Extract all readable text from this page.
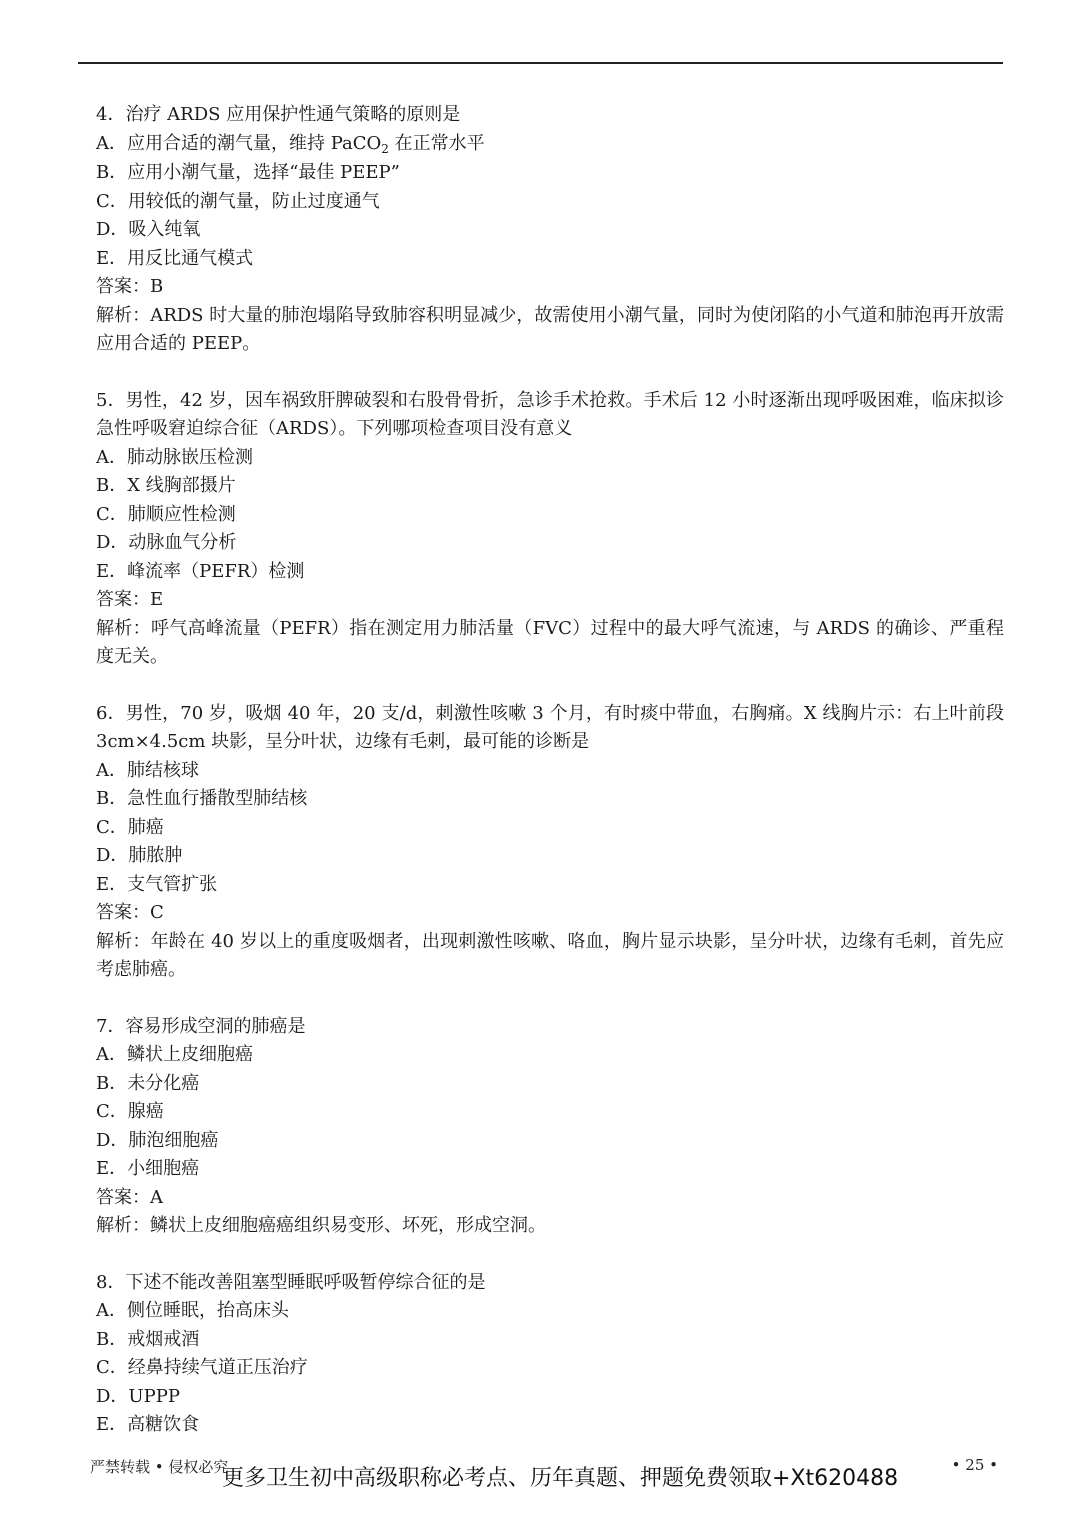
4．治疗 ARDS 应用保护性通气策略的原则是
A．应用合适的潮气量，维持 PaCO$_2$ 在正常水平
B．应用小潮气量，选择“最佳 PEEP”
C．用较低的潮气量，防止过度通气
D．吸入纯氧
E．用反比通气模式
答案：B
解析：ARDS 时大量的肺泡塌陷导致肺容积明显减少，故需使用小潮气量，同时为使闭陷的小气道和肺泡再开放需应用合适的 PEEP。
5．男性，42 岁，因车祸致肝脾破裂和右股骨骨折，急诊手术抢救。手术后 12 小时逐渐出现呼吸困难，临床拟诊急性呼吸窘迫综合征（ARDS）。下列哪项检查项目没有意义
A．肺动脉嵌压检测
B．X 线胸部摄片
C．肺顺应性检测
D．动脉血气分析
E．峰流率（PEFR）检测
答案：E
解析：呼气高峰流量（PEFR）指在测定用力肺活量（FVC）过程中的最大呼气流速，与 ARDS 的确诊、严重程度无关。
6．男性，70 岁，吸烟 40 年，20 支/d，刺激性咳嗽 3 个月，有时痰中带血，右胸痛。X 线胸片示：右上叶前段 3cm×4.5cm 块影，呈分叶状，边缘有毛刺，最可能的诊断是
A．肺结核球
B．急性血行播散型肺结核
C．肺癌
D．肺脓肿
E．支气管扩张
答案：C
解析：年龄在 40 岁以上的重度吸烟者，出现刺激性咳嗽、咯血，胸片显示块影，呈分叶状，边缘有毛刺，首先应考虑肺癌。
7．容易形成空洞的肺癌是
A．鳞状上皮细胞癌
B．未分化癌
C．腺癌
D．肺泡细胞癌
E．小细胞癌
答案：A
解析：鳞状上皮细胞癌癌组织易变形、坏死，形成空洞。
8．下述不能改善阻塞型睡眠呼吸暂停综合征的是
A．侧位睡眠，抬高床头
B．戒烟戒酒
C．经鼻持续气道正压治疗
D．UPPP
E．高糖饮食
严禁转载 • 侵权必究	• 25 •
更多卫生初中高级职称必考点、历年真题、押题免费领取+Xt620488
